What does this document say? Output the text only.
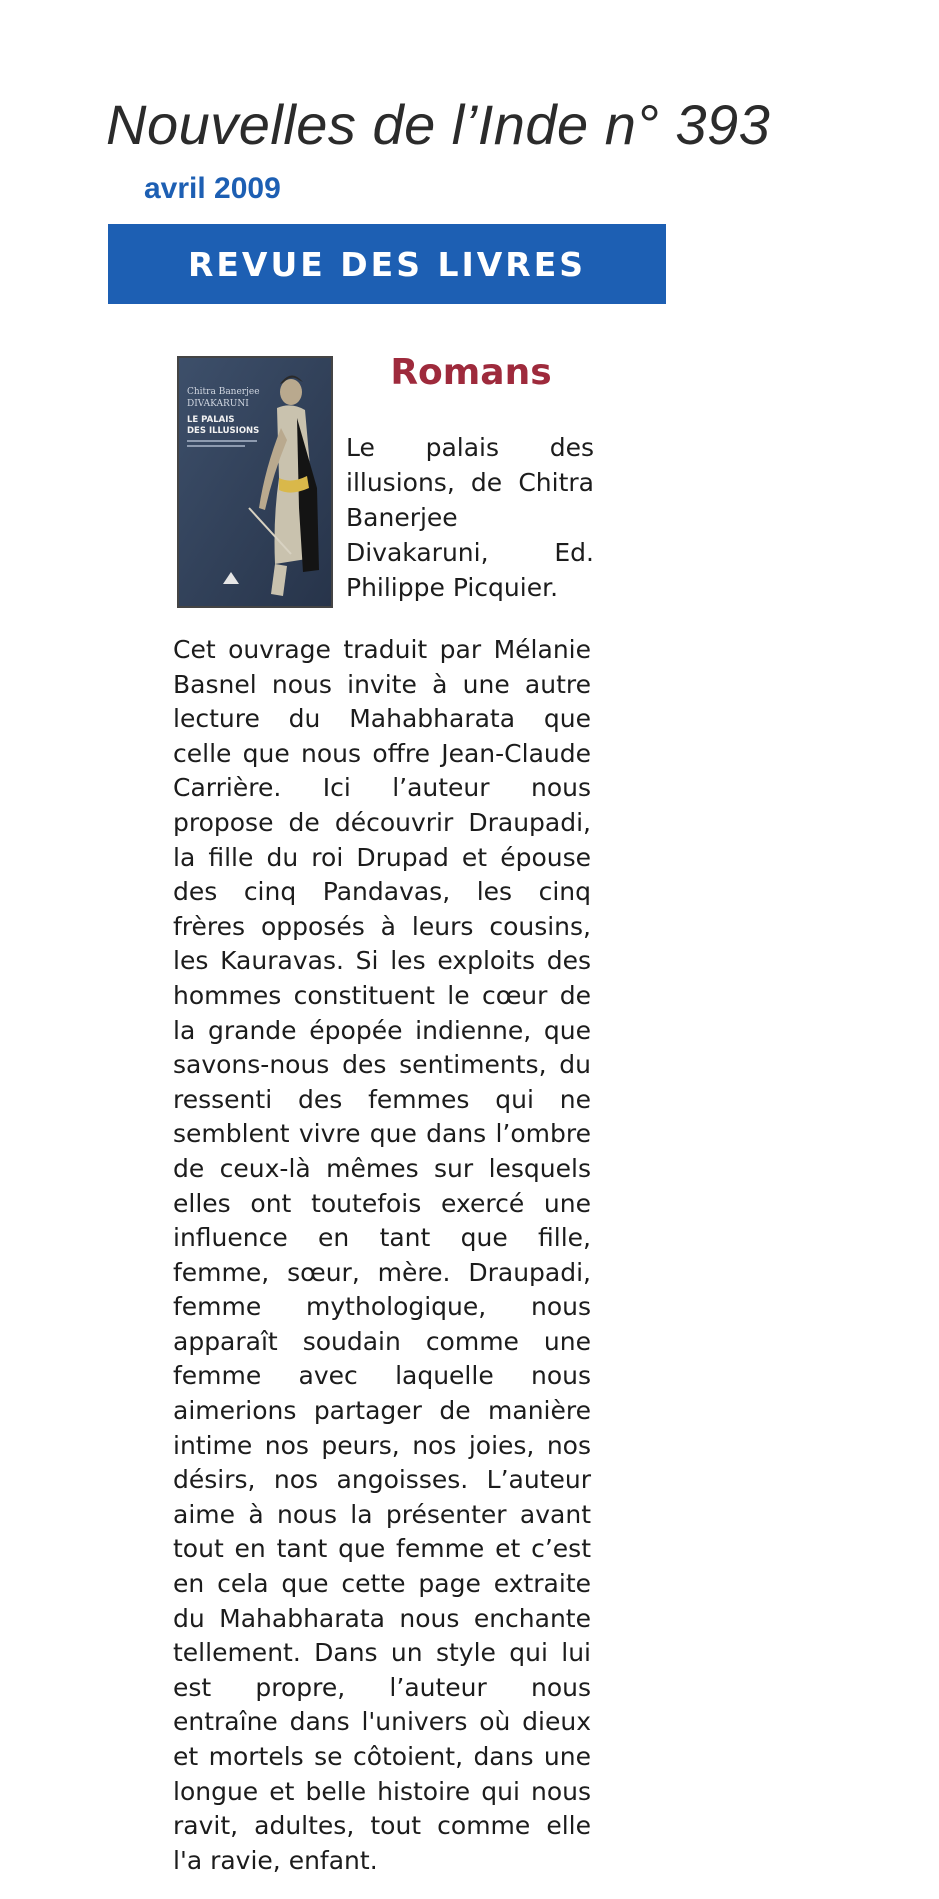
Nouvelles de l’Inde n° 393
avril 2009
REVUE DES LIVRES
Chitra Banerjee
DIVAKARUNI
LE PALAIS
DES ILLUSIONS
Romans
Le palais des illusions, de Chitra Banerjee Divakaruni, Ed. Philippe Picquier.

Cet ouvrage traduit par Mélanie Basnel nous invite à une autre lecture du Mahabharata que celle que nous offre Jean-Claude Carrière. Ici l’auteur nous propose de découvrir Draupadi, la fille du roi Drupad et épouse des cinq Pandavas, les cinq frères opposés à leurs cousins, les Kauravas. Si les exploits des hommes constituent le cœur de la grande épopée indienne, que savons-nous des sentiments, du ressenti des femmes qui ne semblent vivre que dans l’ombre de ceux-là mêmes sur lesquels elles ont toutefois exercé une influence en tant que fille, femme, sœur, mère. Draupadi, femme mythologique, nous apparaît soudain comme une femme avec laquelle nous aimerions partager de manière intime nos peurs, nos joies, nos désirs, nos angoisses. L’auteur aime à nous la présenter avant tout en tant que femme et c’est en cela que cette page extraite du Mahabharata nous enchante tellement. Dans un style qui lui est propre, l’auteur nous entraîne dans l'univers où dieux et mortels se côtoient, dans une longue et belle histoire qui nous ravit, adultes, tout comme elle l'a ravie, enfant.
